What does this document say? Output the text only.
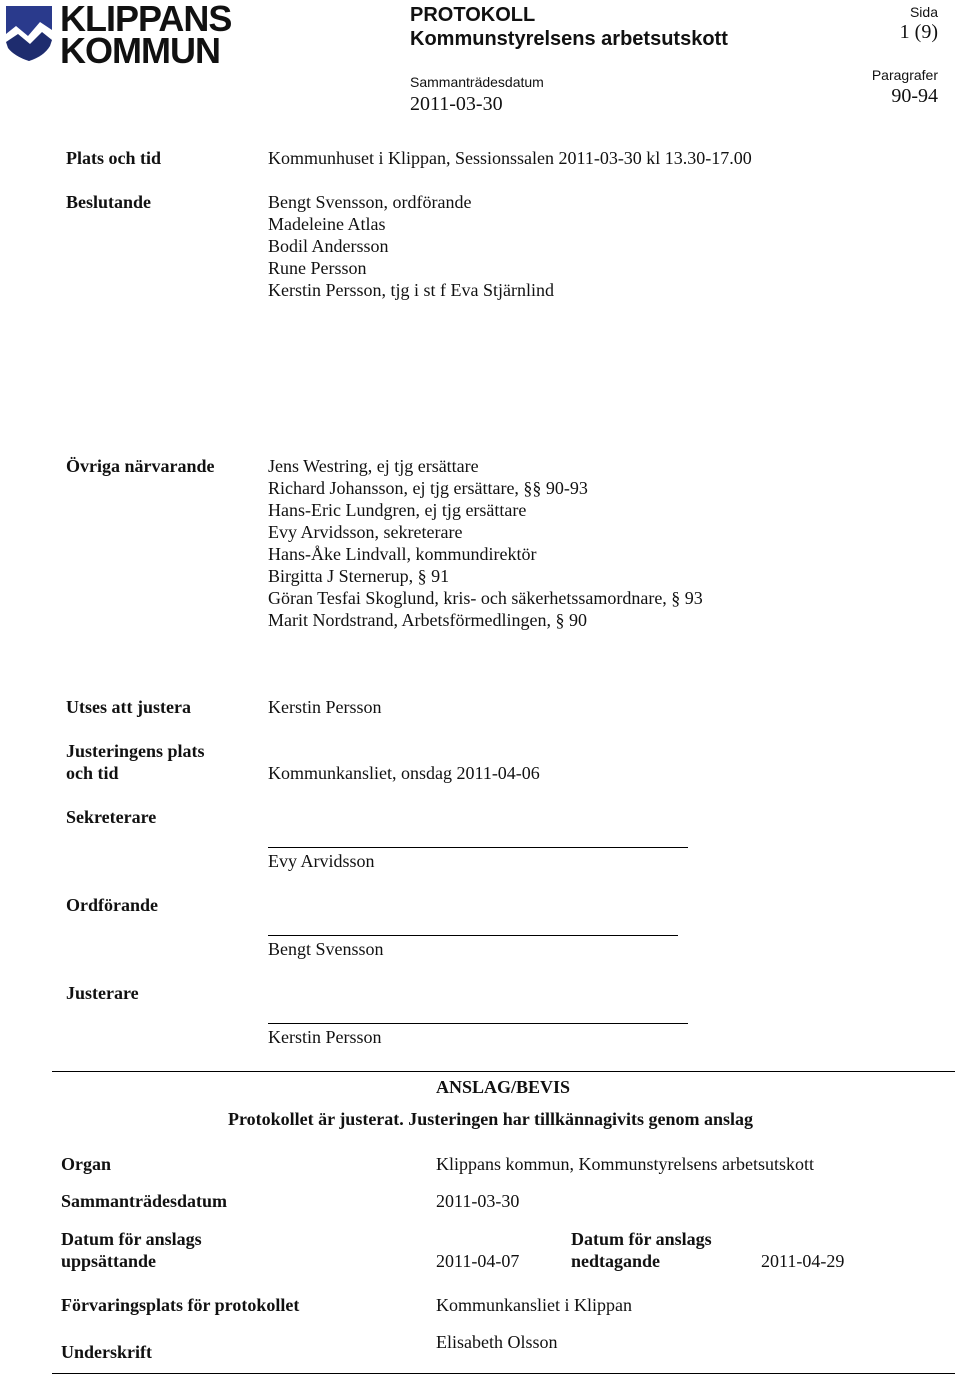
KLIPPANS
KOMMUN
PROTOKOLL
Kommunstyrelsens arbetsutskott
Sammanträdesdatum
2011-03-30
Sida
1 (9)
Paragrafer
90-94
Plats och tid	Kommunhuset i Klippan, Sessionssalen 2011-03-30 kl 13.30-17.00
Beslutande	Bengt Svensson, ordförande
Madeleine Atlas
Bodil Andersson
Rune Persson
Kerstin Persson, tjg i st f Eva Stjärnlind
Övriga närvarande	Jens Westring, ej tjg ersättare
Richard Johansson, ej tjg ersättare, §§ 90-93
Hans-Eric Lundgren, ej tjg ersättare
Evy Arvidsson, sekreterare
Hans-Åke Lindvall, kommundirektör
Birgitta J Sternerup, § 91
Göran Tesfai Skoglund, kris- och säkerhetssamordnare, § 93
Marit Nordstrand, Arbetsförmedlingen, § 90
Utses att justera	Kerstin Persson
Justeringens plats
och tid	Kommunkansliet, onsdag 2011-04-06
Sekreterare
Evy Arvidsson
Ordförande
Bengt Svensson
Justerare
Kerstin Persson
ANSLAG/BEVIS
Protokollet är justerat. Justeringen har tillkännagivits genom anslag
Organ	Klippans kommun, Kommunstyrelsens arbetsutskott
Sammanträdesdatum	2011-03-30
Datum för anslags
uppsättande	2011-04-07
Datum för anslags
nedtagande	2011-04-29
Förvaringsplats för protokollet	Kommunkansliet i Klippan
Underskrift	Elisabeth Olsson
